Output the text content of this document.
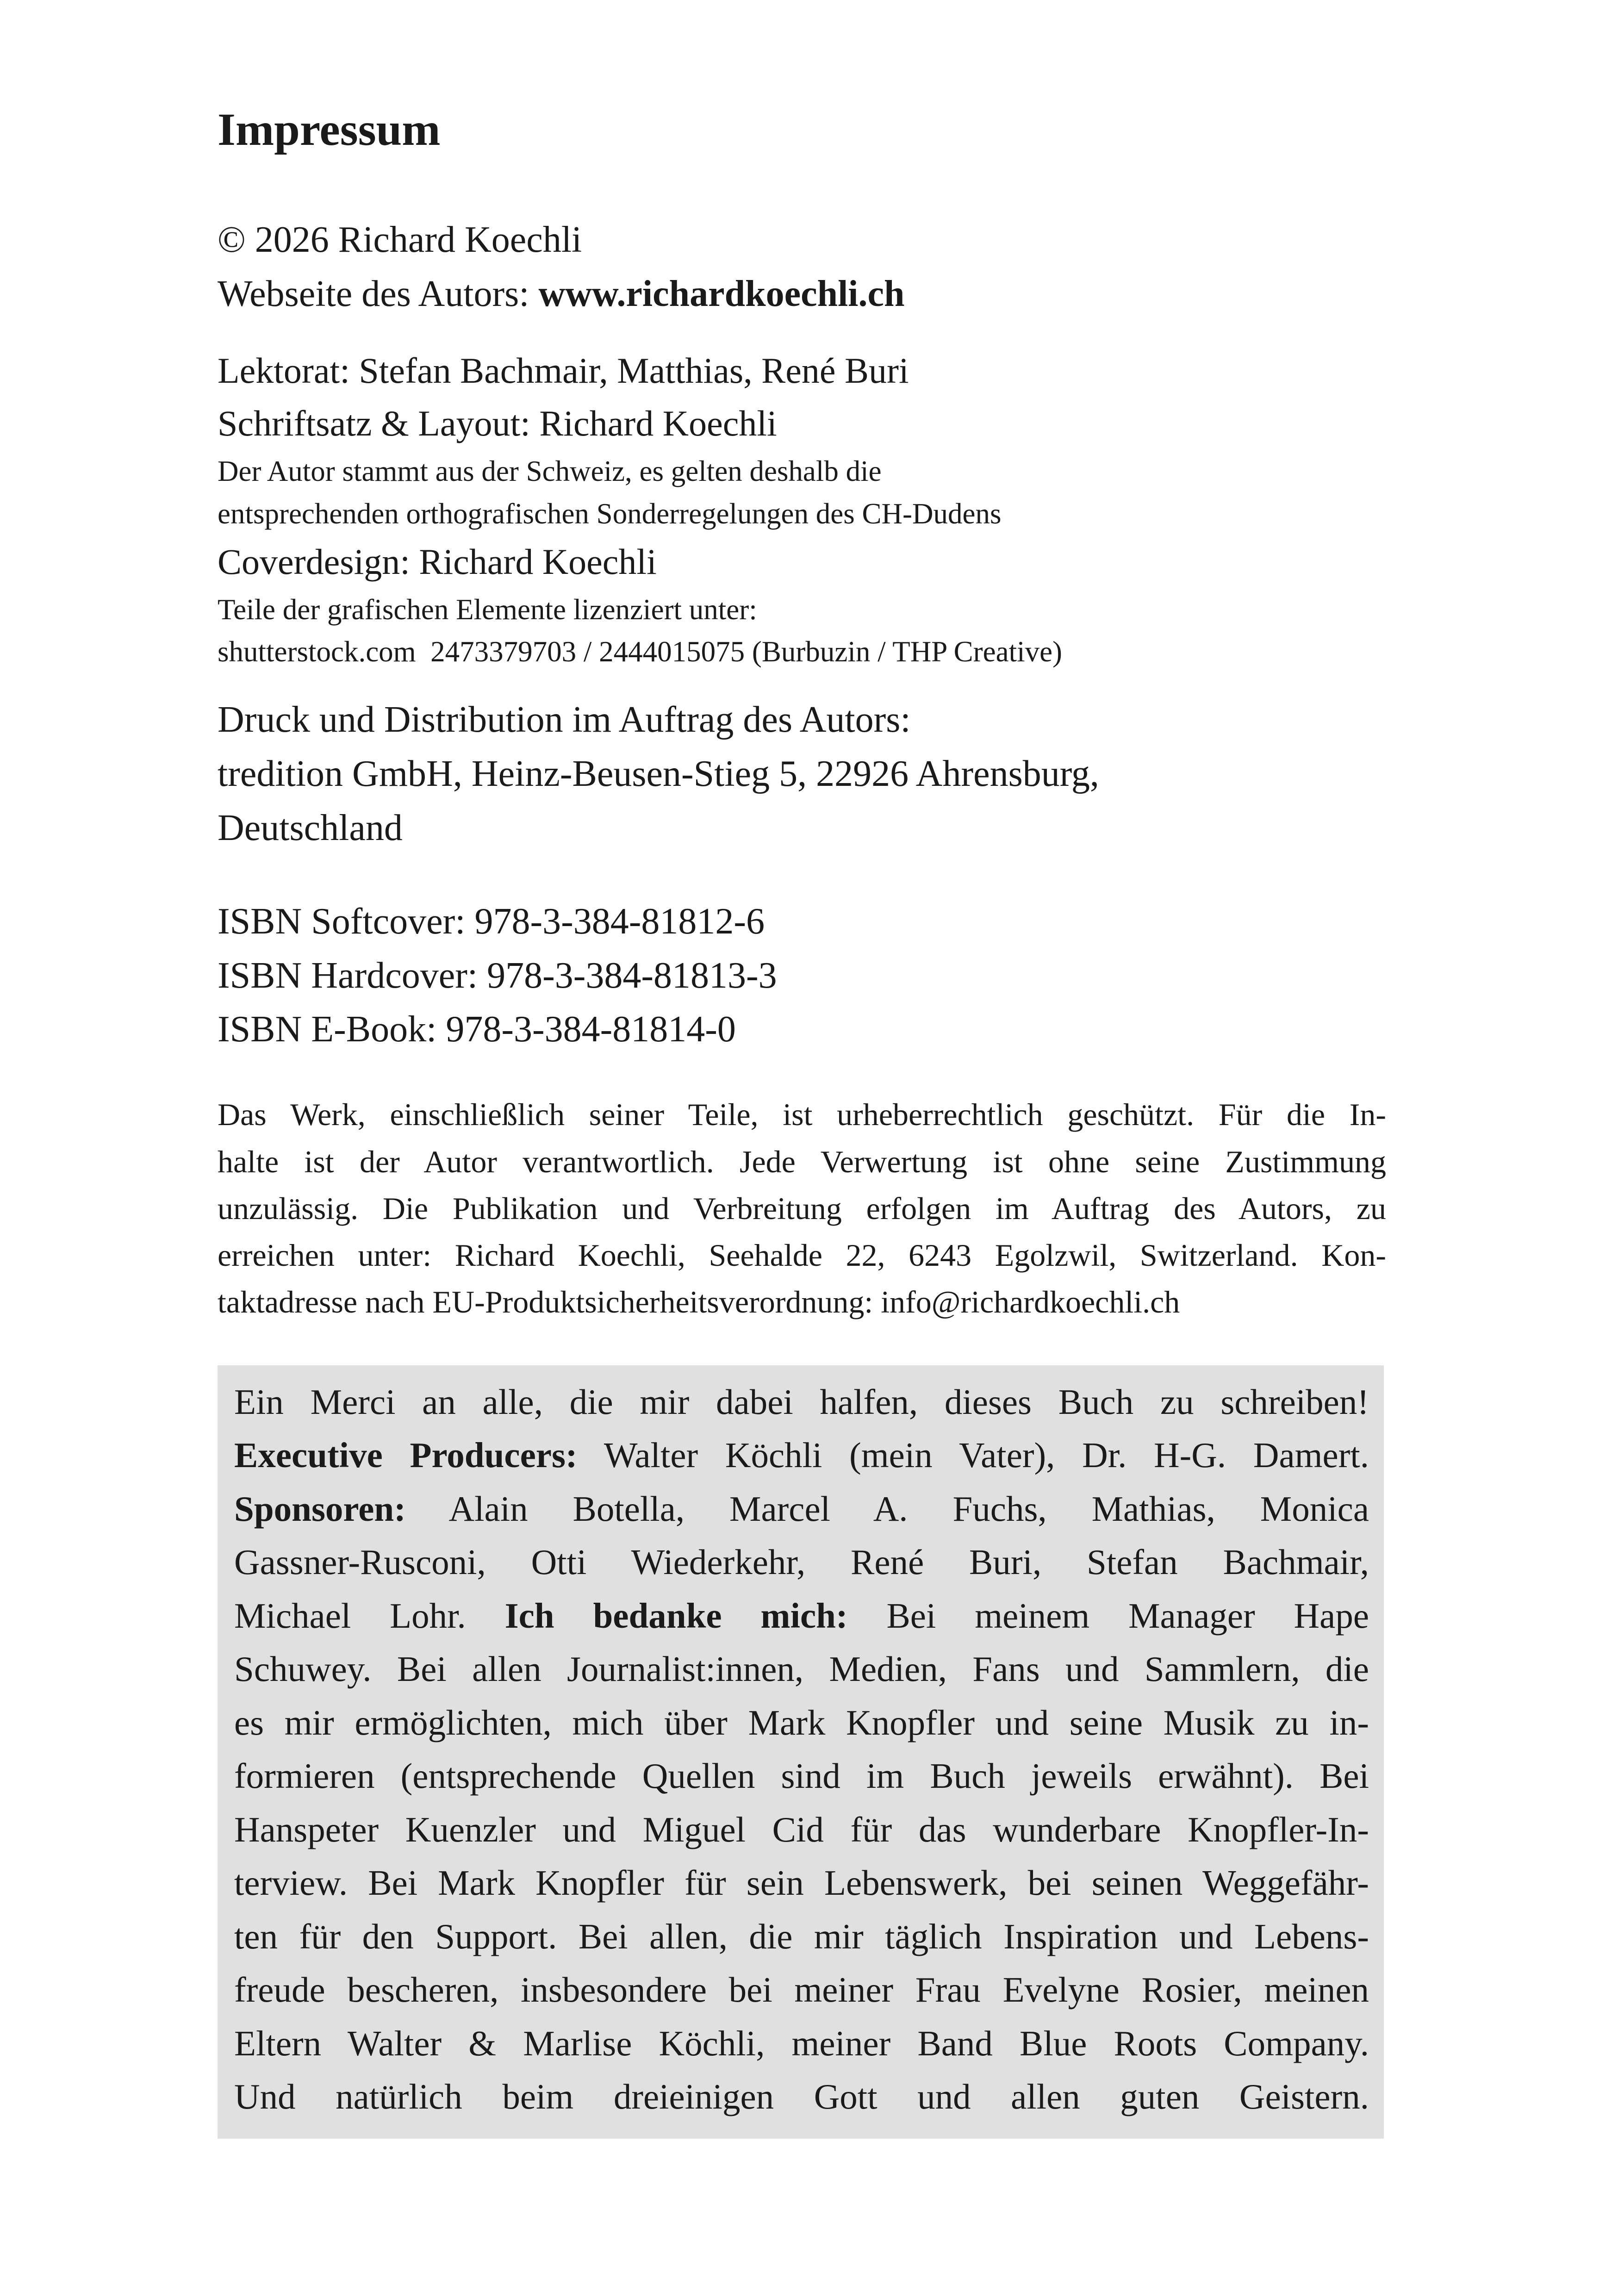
Impressum
© 2026 Richard Koechli
Webseite des Autors: www.richardkoechli.ch
Lektorat: Stefan Bachmair, Matthias, René Buri
Schriftsatz & Layout: Richard Koechli
Der Autor stammt aus der Schweiz, es gelten deshalb die
entsprechenden orthografischen Sonderregelungen des CH-Dudens
Coverdesign: Richard Koechli
Teile der grafischen Elemente lizenziert unter:
shutterstock.com  2473379703 / 2444015075 (Burbuzin / THP Creative)
Druck und Distribution im Auftrag des Autors:
tredition GmbH, Heinz-Beusen-Stieg 5, 22926 Ahrensburg,
Deutschland
ISBN Softcover: 978-3-384-81812-6
ISBN Hardcover: 978-3-384-81813-3
ISBN E-Book: 978-3-384-81814-0
Das Werk, einschließlich seiner Teile, ist urheberrechtlich geschützt. Für die In-
halte ist der Autor verantwortlich. Jede Verwertung ist ohne seine Zustimmung
unzulässig. Die Publikation und Verbreitung erfolgen im Auftrag des Autors, zu
erreichen unter: Richard Koechli, Seehalde 22, 6243 Egolzwil, Switzerland. Kon-
taktadresse nach EU-Produktsicherheitsverordnung: info@richardkoechli.ch
Ein Merci an alle, die mir dabei halfen, dieses Buch zu schreiben!
Executive Producers: Walter Köchli (mein Vater), Dr. H-G. Damert.
Sponsoren: Alain Botella, Marcel A. Fuchs, Mathias, Monica
Gassner-Rusconi, Otti Wiederkehr, René Buri, Stefan Bachmair,
Michael Lohr. Ich bedanke mich: Bei meinem Manager Hape
Schuwey. Bei allen Journalist:innen, Medien, Fans und Sammlern, die
es mir ermöglichten, mich über Mark Knopfler und seine Musik zu in-
formieren (entsprechende Quellen sind im Buch jeweils erwähnt). Bei
Hanspeter Kuenzler und Miguel Cid für das wunderbare Knopfler-In-
terview. Bei Mark Knopfler für sein Lebenswerk, bei seinen Weggefähr-
ten für den Support. Bei allen, die mir täglich Inspiration und Lebens-
freude bescheren, insbesondere bei meiner Frau Evelyne Rosier, meinen
Eltern Walter & Marlise Köchli, meiner Band Blue Roots Company.
Und natürlich beim dreieinigen Gott und allen guten Geistern.
